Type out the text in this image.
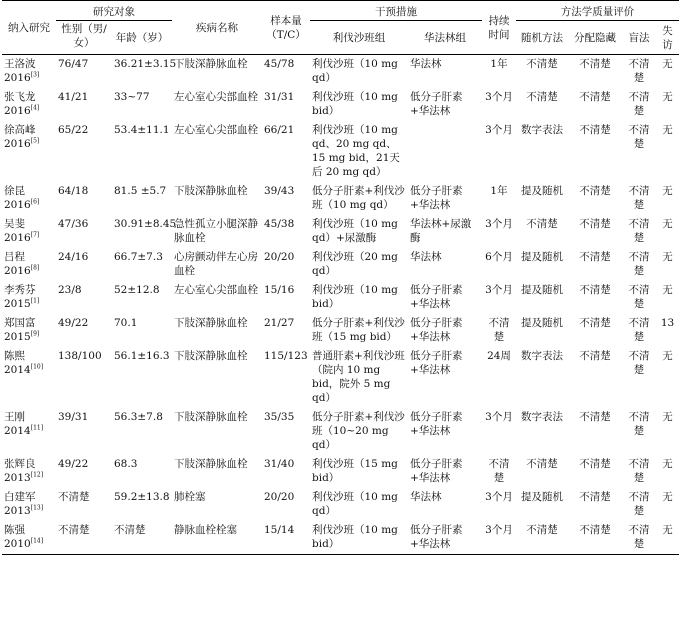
纳入研究	研究对象		疾病名称	样本量（T/C）	干预措施		持续时间	方法学质量评价			
	性别（男/女）	年龄（岁）			利伐沙班组	华法林组		随机方法	分配隐藏	盲法	失访
王洛波 2016[3]	76/47	36.21±3.15	下肢深静脉血栓	45/78	利伐沙班（10 mg qd）	华法林	1年	不清楚	不清楚	不清楚	无
张飞龙 2016[4]	41/21	33~77	左心室心尖部血栓	31/31	利伐沙班（10 mg bid）	低分子肝素+华法林	3个月	不清楚	不清楚	不清楚	无
徐高峰 2016[5]	65/22	53.4±11.1	左心室心尖部血栓	66/21	利伐沙班（10 mg qd、20 mg qd、15 mg bid，21天后 20 mg qd）		3个月	数字表法	不清楚	不清楚	无
徐昆 2016[6]	64/18	81.5 ±5.7	下肢深静脉血栓	39/43	低分子肝素+利伐沙班（10 mg qd）	低分子肝素+华法林	1年	提及随机	不清楚	不清楚	无
吴斐 2016[7]	47/36	30.91±8.45	急性孤立小腿深静脉血栓	45/38	利伐沙班（10 mg qd）+尿激酶	华法林+尿激酶	3个月	不清楚	不清楚	不清楚	无
吕程 2016[8]	24/16	66.7±7.3	心房颤动伴左心房血栓	20/20	利伐沙班（20 mg qd）	华法林	6个月	提及随机	不清楚	不清楚	无
李秀芬 2015[1]	23/8	52±12.8	左心室心尖部血栓	15/16	利伐沙班（10 mg bid）	低分子肝素+华法林	3个月	提及随机	不清楚	不清楚	无
郑国富 2015[9]	49/22	70.1	下肢深静脉血栓	21/27	低分子肝素+利伐沙班（15 mg bid）	低分子肝素+华法林	不清楚	提及随机	不清楚	不清楚	13
陈熙 2014[10]	138/100	56.1±16.3	下肢深静脉血栓	115/123	普通肝素+利伐沙班（院内 10 mg bid，院外 5 mg qd）	低分子肝素+华法林	24周	数字表法	不清楚	不清楚	无
王刚 2014[11]	39/31	56.3±7.8	下肢深静脉血栓	35/35	低分子肝素+利伐沙班（10~20 mg qd）	低分子肝素+华法林	3个月	数字表法	不清楚	不清楚	无
张辉良 2013[12]	49/22	68.3	下肢深静脉血栓	31/40	利伐沙班（15 mg bid）	低分子肝素+华法林	不清楚	不清楚	不清楚	不清楚	无
白建军 2013[13]	不清楚	59.2±13.8	肺栓塞	20/20	利伐沙班（10 mg qd）	华法林	3个月	提及随机	不清楚	不清楚	无
陈强 2010[14]	不清楚	不清楚	静脉血栓栓塞	15/14	利伐沙班（10 mg bid）	低分子肝素+华法林	3个月	不清楚	不清楚	不清楚	无
